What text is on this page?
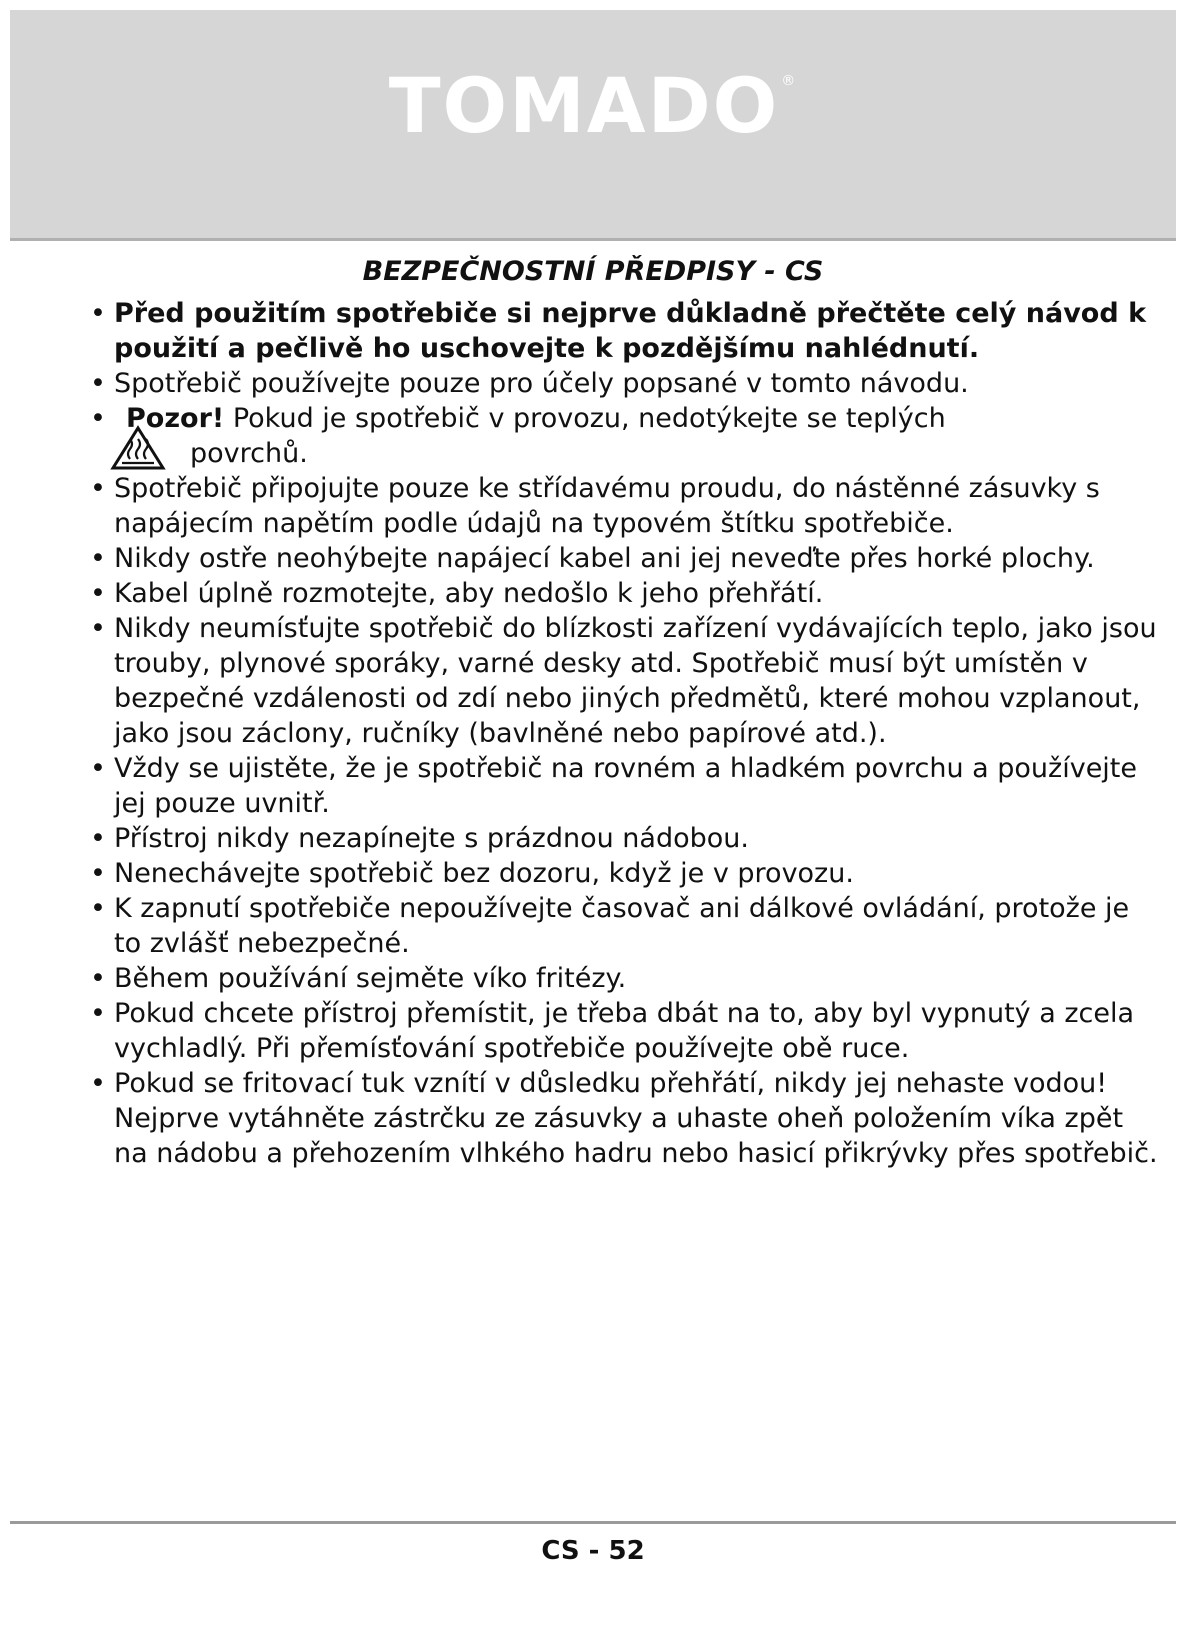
TOMADO ®
BEZPEČNOSTNÍ PŘEDPISY - CS
• Před použitím spotřebiče si nejprve důkladně přečtěte celý návod k použití a pečlivě ho uschovejte k pozdějšímu nahlédnutí.
• Spotřebič používejte pouze pro účely popsané v tomto návodu.
• Pozor! Pokud je spotřebič v provozu, nedotýkejte se teplých
povrchů.
• Spotřebič připojujte pouze ke střídavému proudu, do nástěnné zásuvky s napájecím napětím podle údajů na typovém štítku spotřebiče.
• Nikdy ostře neohýbejte napájecí kabel ani jej neveďte přes horké plochy.
• Kabel úplně rozmotejte, aby nedošlo k jeho přehřátí.
• Nikdy neumísťujte spotřebič do blízkosti zařízení vydávajících teplo, jako jsou trouby, plynové sporáky, varné desky atd. Spotřebič musí být umístěn v bezpečné vzdálenosti od zdí nebo jiných předmětů, které mohou vzplanout, jako jsou záclony, ručníky (bavlněné nebo papírové atd.).
• Vždy se ujistěte, že je spotřebič na rovném a hladkém povrchu a používejte jej pouze uvnitř.
• Přístroj nikdy nezapínejte s prázdnou nádobou.
• Nenechávejte spotřebič bez dozoru, když je v provozu.
• K zapnutí spotřebiče nepoužívejte časovač ani dálkové ovládání, protože je to zvlášť nebezpečné.
• Během používání sejměte víko fritézy.
• Pokud chcete přístroj přemístit, je třeba dbát na to, aby byl vypnutý a zcela vychladlý. Při přemísťování spotřebiče používejte obě ruce.
• Pokud se fritovací tuk vznítí v důsledku přehřátí, nikdy jej nehaste vodou! Nejprve vytáhněte zástrčku ze zásuvky a uhaste oheň položením víka zpět na nádobu a přehozením vlhkého hadru nebo hasicí přikrývky přes spotřebič.
CS - 52
